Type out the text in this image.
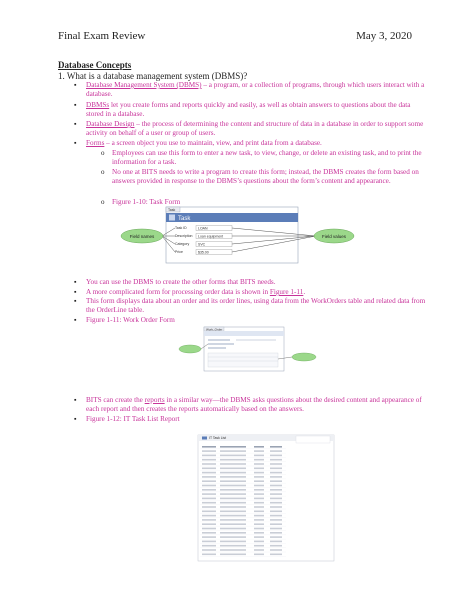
Final Exam Review	May 3, 2020
Database Concepts
1. What is a database management system (DBMS)?
▪ Database Management System (DBMS) – a program, or a collection of programs, through which users interact with a database.
▪ DBMSs let you create forms and reports quickly and easily, as well as obtain answers to questions about the data stored in a database.
▪ Database Design – the process of determining the content and structure of data in a database in order to support some activity on behalf of a user or group of users.
▪ Forms – a screen object you use to maintain, view, and print data from a database.
o Employees can use this form to enter a new task, to view, change, or delete an existing task, and to print the information for a task.
o No one at BITS needs to write a program to create this form; instead, the DBMS creates the form based on answers provided in response to the DBMS’s questions about the form’s content and appearance.
o Figure 1-10: Task Form
Task
Task
Task ID	LOAN
Description Loan equipment
Category	SVC
Price	$35.00
Field names	Field values
▪ You can use the DBMS to create the other forms that BITS needs.
▪ A more complicated form for processing order data is shown in Figure 1-11.
▪ This form displays data about an order and its order lines, using data from the WorkOrders table and related data from the OrderLine table.
▪ Figure 1-11: Work Order Form
Work_Order
▪ BITS can create the reports in a similar way—the DBMS asks questions about the desired content and appearance of each report and then creates the reports automatically based on the answers.
▪ Figure 1-12: IT Task List Report
IT Task List
